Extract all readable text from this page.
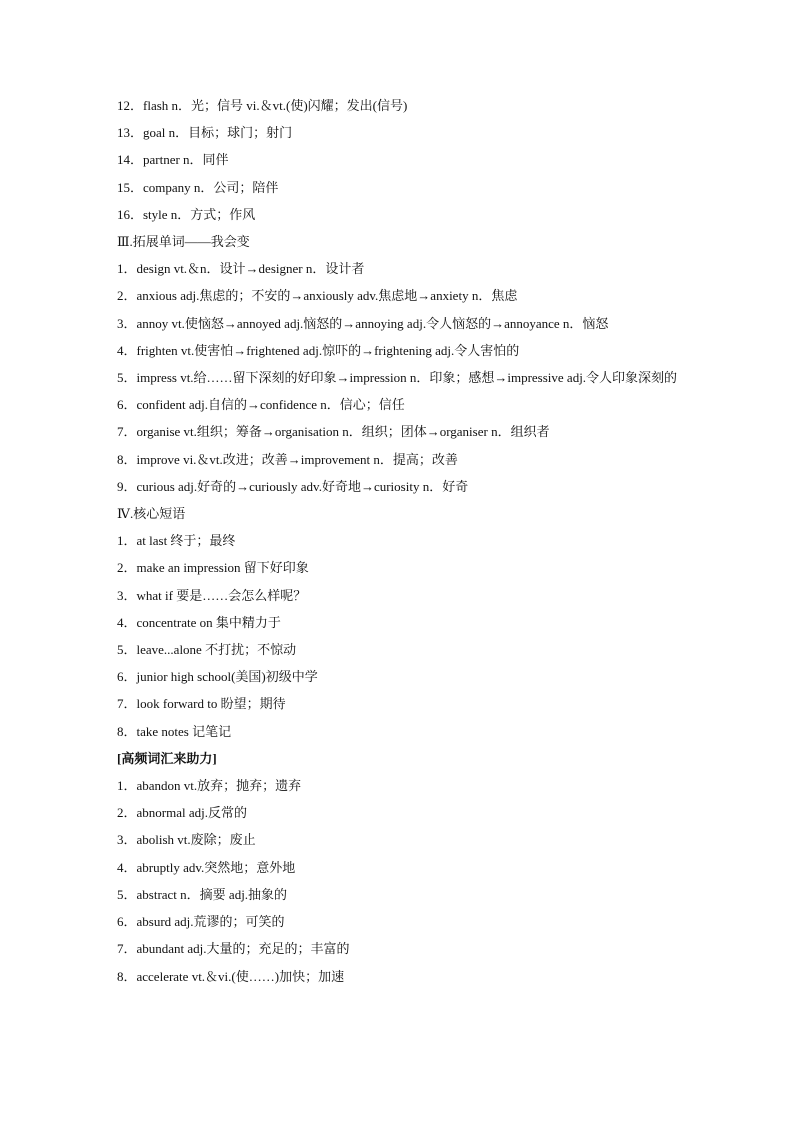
12．flash n．光；信号 vi.＆vt.(使)闪耀；发出(信号)
13．goal n．目标；球门；射门
14．partner n．同伴
15．company n．公司；陪伴
16．style n．方式；作风
Ⅲ.拓展单词——我会变
1．design vt.＆n．设计→designer n．设计者
2．anxious adj.焦虑的；不安的→anxiously adv.焦虑地→anxiety n．焦虑
3．annoy vt.使恼怒→annoyed adj.恼怒的→annoying adj.令人恼怒的→annoyance n．恼怒
4．frighten vt.使害怕→frightened adj.惊吓的→frightening adj.令人害怕的
5．impress vt.给……留下深刻的好印象→impression n．印象；感想→impressive adj.令人印象深刻的
6．confident adj.自信的→confidence n．信心；信任
7．organise vt.组织；筹备→organisation n．组织；团体→organiser n．组织者
8．improve vi.＆vt.改进；改善→improvement n．提高；改善
9．curious adj.好奇的→curiously adv.好奇地→curiosity n．好奇
Ⅳ.核心短语
1．at last 终于；最终
2．make an impression 留下好印象
3．what if 要是……会怎么样呢？
4．concentrate on 集中精力于
5．leave...alone 不打扰；不惊动
6．junior high school(美国)初级中学
7．look forward to 盼望；期待
8．take notes 记笔记
[高频词汇来助力]
1．abandon vt.放弃；抛弃；遗弃
2．abnormal adj.反常的
3．abolish vt.废除；废止
4．abruptly adv.突然地；意外地
5．abstract n．摘要 adj.抽象的
6．absurd adj.荒谬的；可笑的
7．abundant adj.大量的；充足的；丰富的
8．accelerate vt.＆vi.(使……)加快；加速
